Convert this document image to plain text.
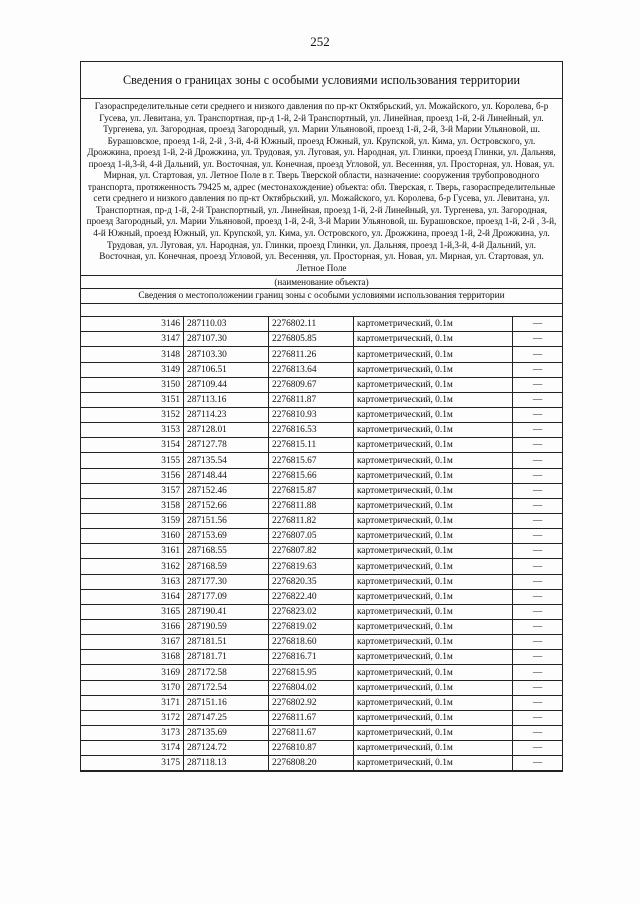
252
Сведения о границах зоны с особыми условиями использования территории
Газораспределительные сети среднего и низкого давления по пр-кт Октябрьский, ул. Можайского, ул. Королева, б-р Гусева, ул. Левитана, ул. Транспортная, пр-д 1-й, 2-й Транспортный, ул. Линейная, проезд 1-й, 2-й Линейный, ул. Тургенева, ул. Загородная, проезд Загородный, ул. Марии Ульяновой, проезд 1-й, 2-й, 3-й Марии Ульяновой, ш. Бурашовское, проезд 1-й, 2-й , 3-й, 4-й Южный, проезд Южный, ул. Крупской, ул. Кима, ул. Островского, ул. Дрожжина, проезд 1-й, 2-й Дрожжина, ул. Трудовая, ул. Луговая, ул. Народная, ул. Глинки, проезд Глинки, ул. Дальняя, проезд 1-й,3-й, 4-й Дальний, ул. Восточная, ул. Конечная, проезд Угловой, ул. Весенняя, ул. Просторная, ул. Новая, ул. Мирная, ул. Стартовая, ул. Летное Поле в г. Тверь Тверской области, назначение: сооружения трубопроводного транспорта, протяженность 79425 м, адрес (местонахождение) объекта: обл. Тверская, г. Тверь, газораспределительные сети среднего и низкого давления по пр-кт Октябрьский, ул. Можайского, ул. Королева, б-р Гусева, ул. Левитана, ул. Транспортная, пр-д 1-й, 2-й Транспортный, ул. Линейная, проезд 1-й, 2-й Линейный, ул. Тургенева, ул. Загородная, проезд Загородный, ул. Марии Ульяновой, проезд 1-й, 2-й, 3-й Марии Ульяновой, ш. Бурашовское, проезд 1-й, 2-й , 3-й, 4-й Южный, проезд Южный, ул. Крупской, ул. Кима, ул. Островского, ул. Дрожжина, проезд 1-й, 2-й Дрожжина, ул. Трудовая, ул. Луговая, ул. Народная, ул. Глинки, проезд Глинки, ул. Дальняя, проезд 1-й,3-й, 4-й Дальний, ул. Восточная, ул. Конечная, проезд Угловой, ул. Весенняя, ул. Просторная, ул. Новая, ул. Мирная, ул. Стартовая, ул. Летное Поле
(наименование объекта)
Сведения о местоположении границ зоны с особыми условиями использования территории
3146	287110.03	2276802.11	картометрический, 0.1м	—
3147	287107.30	2276805.85	картометрический, 0.1м	—
3148	287103.30	2276811.26	картометрический, 0.1м	—
3149	287106.51	2276813.64	картометрический, 0.1м	—
3150	287109.44	2276809.67	картометрический, 0.1м	—
3151	287113.16	2276811.87	картометрический, 0.1м	—
3152	287114.23	2276810.93	картометрический, 0.1м	—
3153	287128.01	2276816.53	картометрический, 0.1м	—
3154	287127.78	2276815.11	картометрический, 0.1м	—
3155	287135.54	2276815.67	картометрический, 0.1м	—
3156	287148.44	2276815.66	картометрический, 0.1м	—
3157	287152.46	2276815.87	картометрический, 0.1м	—
3158	287152.66	2276811.88	картометрический, 0.1м	—
3159	287151.56	2276811.82	картометрический, 0.1м	—
3160	287153.69	2276807.05	картометрический, 0.1м	—
3161	287168.55	2276807.82	картометрический, 0.1м	—
3162	287168.59	2276819.63	картометрический, 0.1м	—
3163	287177.30	2276820.35	картометрический, 0.1м	—
3164	287177.09	2276822.40	картометрический, 0.1м	—
3165	287190.41	2276823.02	картометрический, 0.1м	—
3166	287190.59	2276819.02	картометрический, 0.1м	—
3167	287181.51	2276818.60	картометрический, 0.1м	—
3168	287181.71	2276816.71	картометрический, 0.1м	—
3169	287172.58	2276815.95	картометрический, 0.1м	—
3170	287172.54	2276804.02	картометрический, 0.1м	—
3171	287151.16	2276802.92	картометрический, 0.1м	—
3172	287147.25	2276811.67	картометрический, 0.1м	—
3173	287135.69	2276811.67	картометрический, 0.1м	—
3174	287124.72	2276810.87	картометрический, 0.1м	—
3175	287118.13	2276808.20	картометрический, 0.1м	—
